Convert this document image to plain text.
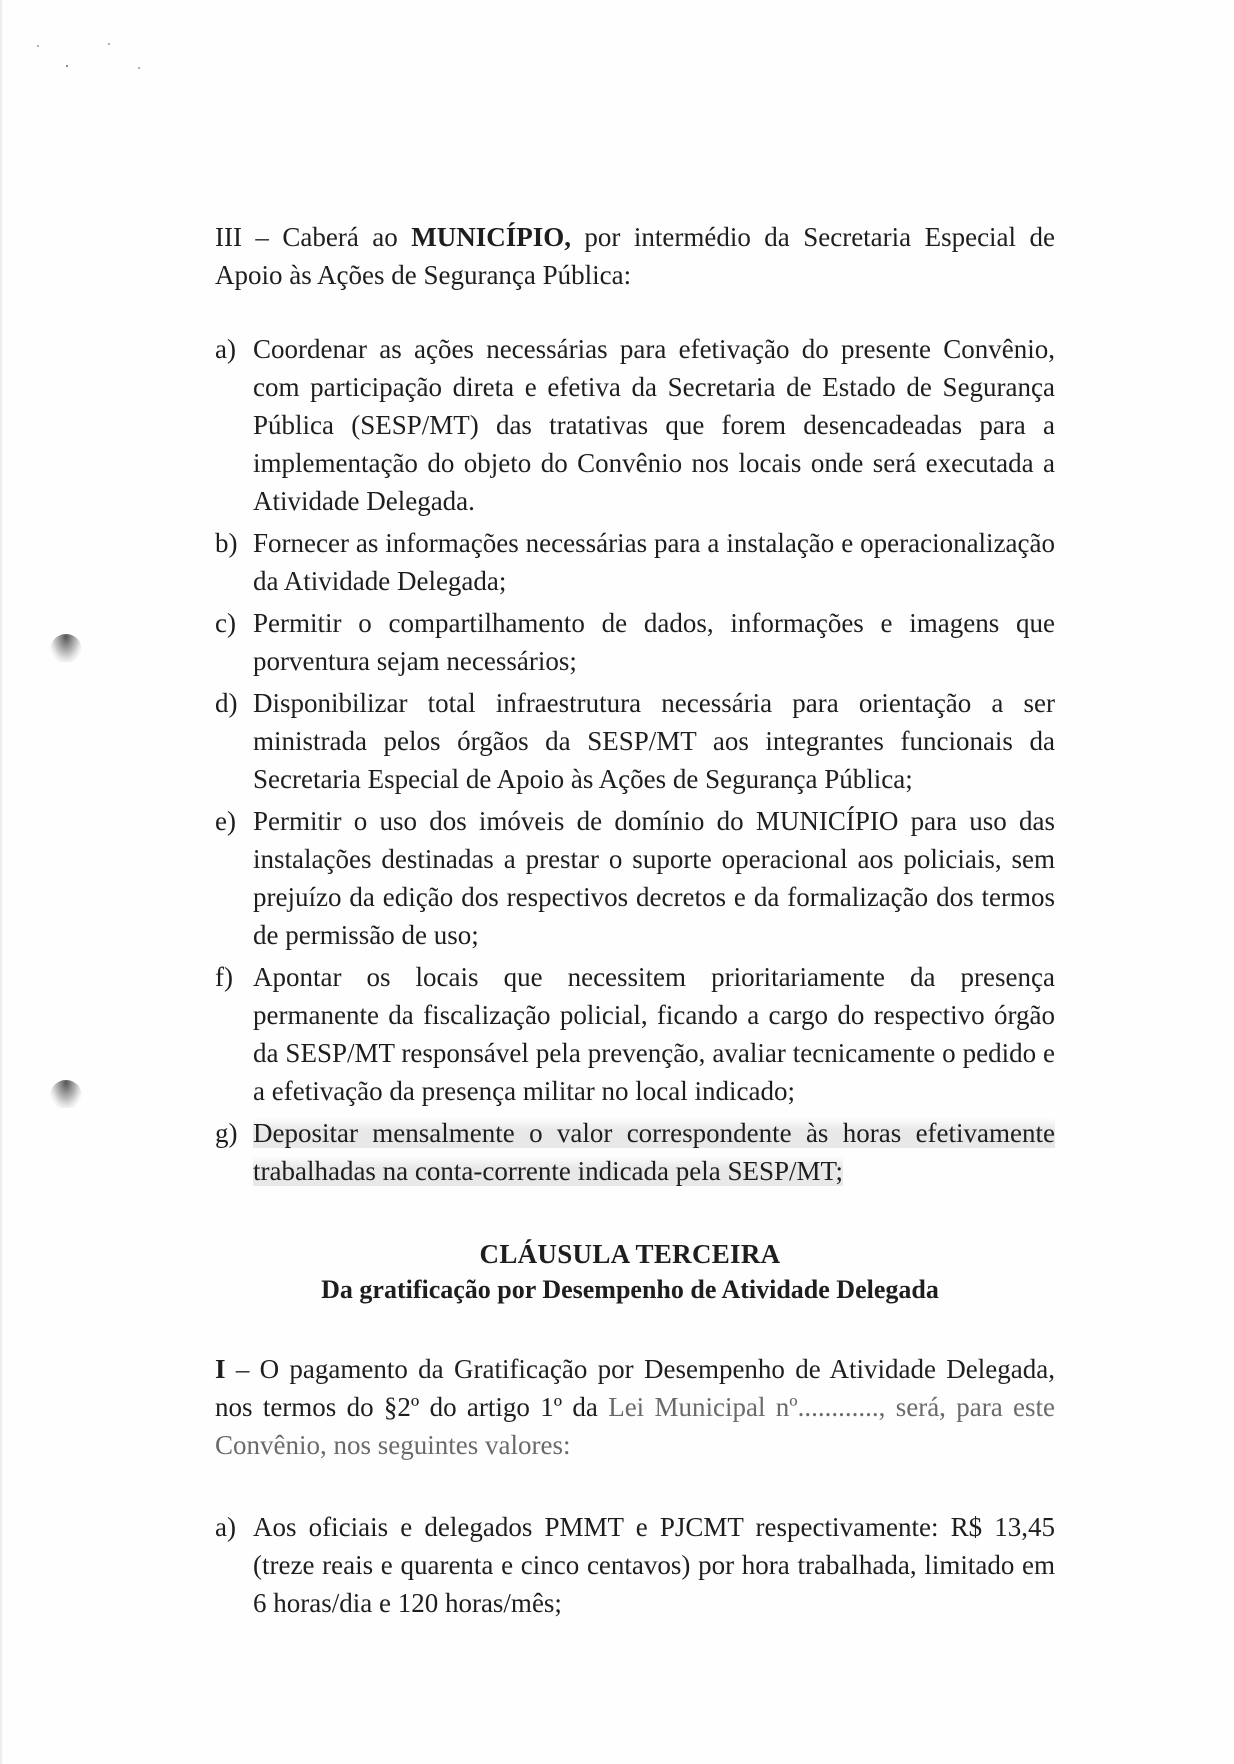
III – Caberá ao MUNICÍPIO, por intermédio da Secretaria Especial de Apoio às Ações de Segurança Pública:

a) Coordenar as ações necessárias para efetivação do presente Convênio, com participação direta e efetiva da Secretaria de Estado de Segurança Pública (SESP/MT) das tratativas que forem desencadeadas para a implementação do objeto do Convênio nos locais onde será executada a Atividade Delegada.

b) Fornecer as informações necessárias para a instalação e operacionalização da Atividade Delegada;

c) Permitir o compartilhamento de dados, informações e imagens que porventura sejam necessários;

d) Disponibilizar total infraestrutura necessária para orientação a ser ministrada pelos órgãos da SESP/MT aos integrantes funcionais da Secretaria Especial de Apoio às Ações de Segurança Pública;

e) Permitir o uso dos imóveis de domínio do MUNICÍPIO para uso das instalações destinadas a prestar o suporte operacional aos policiais, sem prejuízo da edição dos respectivos decretos e da formalização dos termos de permissão de uso;

f) Apontar os locais que necessitem prioritariamente da presença permanente da fiscalização policial, ficando a cargo do respectivo órgão da SESP/MT responsável pela prevenção, avaliar tecnicamente o pedido e a efetivação da presença militar no local indicado;

g) Depositar mensalmente o valor correspondente às horas efetivamente trabalhadas na conta-corrente indicada pela SESP/MT;

CLÁUSULA TERCEIRA
Da gratificação por Desempenho de Atividade Delegada

I – O pagamento da Gratificação por Desempenho de Atividade Delegada, nos termos do §2º do artigo 1º da Lei Municipal nº............, será, para este Convênio, nos seguintes valores:

a) Aos oficiais e delegados PMMT e PJCMT respectivamente: R$ 13,45 (treze reais e quarenta e cinco centavos) por hora trabalhada, limitado em 6 horas/dia e 120 horas/mês;
